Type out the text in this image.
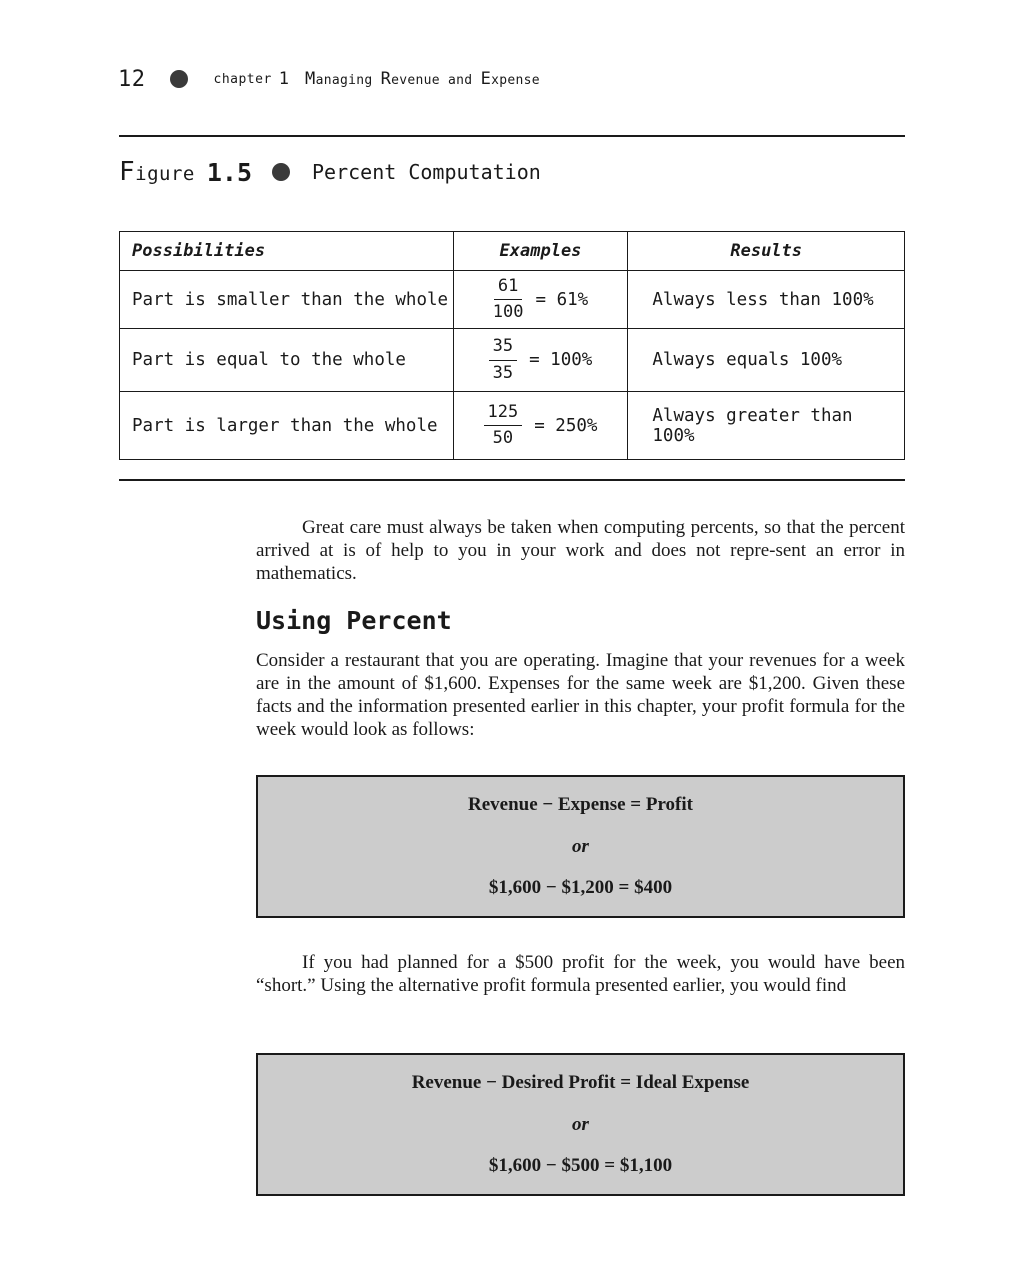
12	chapter 1 Managing Revenue and Expense
Figure 1.5	Percent Computation
Possibilities	Examples	Results
Part is smaller than the whole	$\frac{61}{100} = 61\%$	Always less than 100%
Part is equal to the whole	$\frac{35}{35} = 100\%$	Always equals 100%
Part is larger than the whole	$\frac{125}{50} = 250\%$	Always greater than 100%

Great care must always be taken when computing percents, so that the percent arrived at is of help to you in your work and does not repre-sent an error in mathematics.

Using Percent

Consider a restaurant that you are operating. Imagine that your revenues for a week are in the amount of $1,600. Expenses for the same week are $1,200. Given these facts and the information presented earlier in this chapter, your profit formula for the week would look as follows:

Revenue − Expense = Profit
or
$1,600 − $1,200 = $400

If you had planned for a $500 profit for the week, you would have been “short.” Using the alternative profit formula presented earlier, you would find

Revenue − Desired Profit = Ideal Expense
or
$1,600 − $500 = $1,100
